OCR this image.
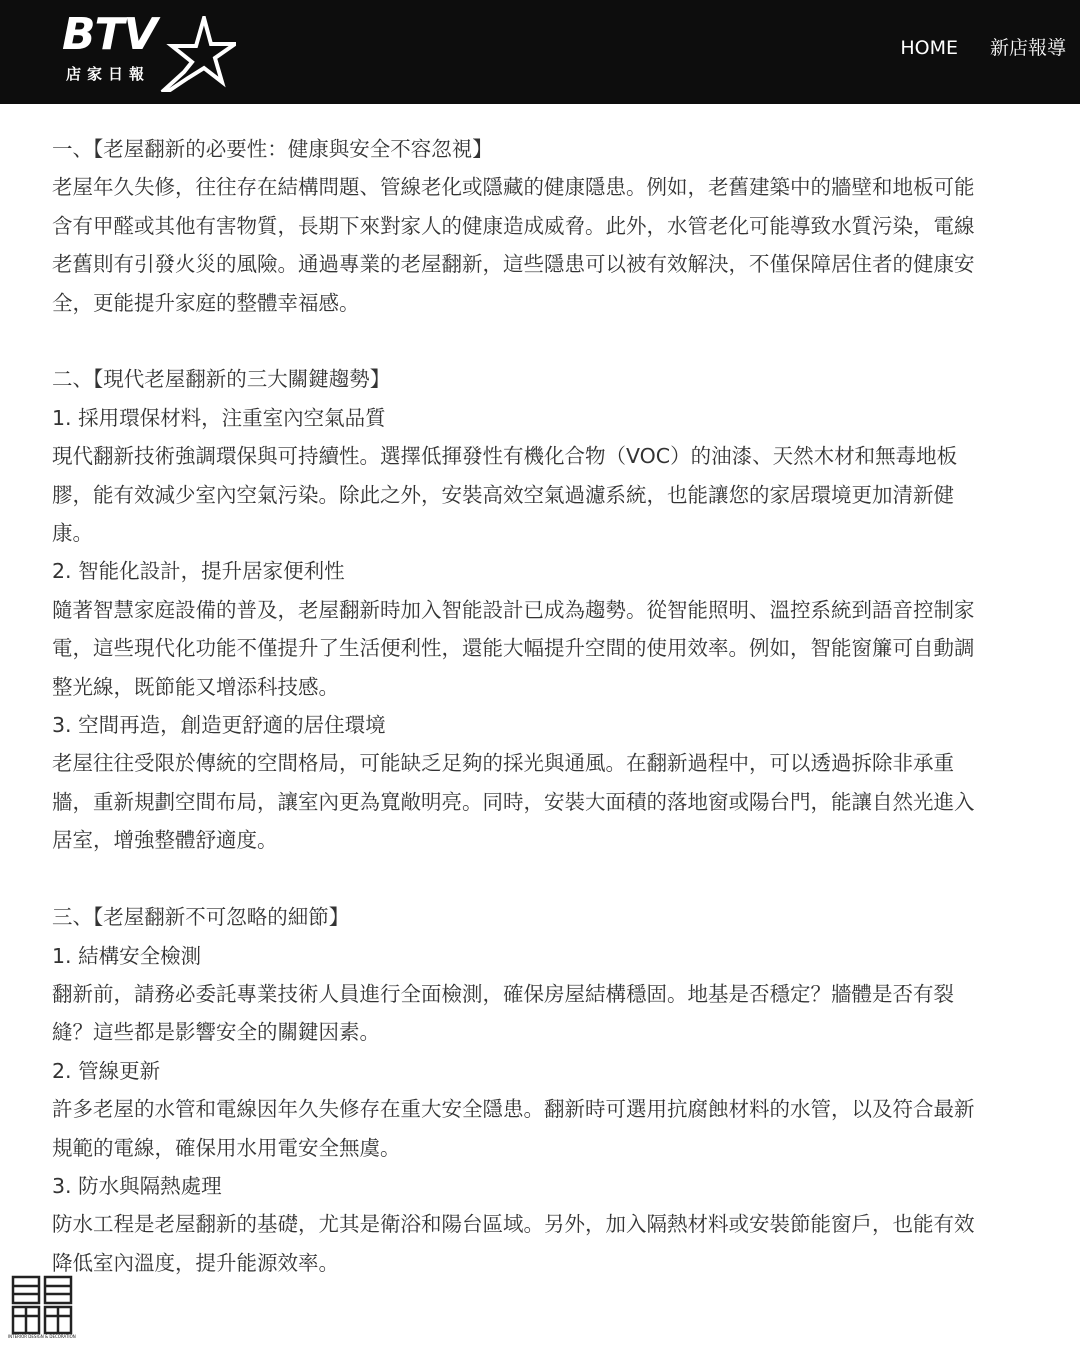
BTV
店家日報
HOME 新店報導

一、【老屋翻新的必要性：健康與安全不容忽視】

老屋年久失修，往往存在結構問題、管線老化或隱藏的健康隱患。例如，老舊建築中的牆壁和地板可能

含有甲醛或其他有害物質，長期下來對家人的健康造成威脅。此外，水管老化可能導致水質污染，電線

老舊則有引發火災的風險。通過專業的老屋翻新，這些隱患可以被有效解決，不僅保障居住者的健康安

全，更能提升家庭的整體幸福感。

二、【現代老屋翻新的三大關鍵趨勢】

1. 採用環保材料，注重室內空氣品質

現代翻新技術強調環保與可持續性。選擇低揮發性有機化合物（VOC）的油漆、天然木材和無毒地板

膠，能有效減少室內空氣污染。除此之外，安裝高效空氣過濾系統，也能讓您的家居環境更加清新健

康。

2. 智能化設計，提升居家便利性

隨著智慧家庭設備的普及，老屋翻新時加入智能設計已成為趨勢。從智能照明、溫控系統到語音控制家

電，這些現代化功能不僅提升了生活便利性，還能大幅提升空間的使用效率。例如，智能窗簾可自動調

整光線，既節能又增添科技感。

3. 空間再造，創造更舒適的居住環境

老屋往往受限於傳統的空間格局，可能缺乏足夠的採光與通風。在翻新過程中，可以透過拆除非承重

牆，重新規劃空間布局，讓室內更為寬敞明亮。同時，安裝大面積的落地窗或陽台門，能讓自然光進入

居室，增強整體舒適度。

三、【老屋翻新不可忽略的細節】

1. 結構安全檢測

翻新前，請務必委託專業技術人員進行全面檢測，確保房屋結構穩固。地基是否穩定？牆體是否有裂

縫？這些都是影響安全的關鍵因素。

2. 管線更新

許多老屋的水管和電線因年久失修存在重大安全隱患。翻新時可選用抗腐蝕材料的水管，以及符合最新

規範的電線，確保用水用電安全無虞。

3. 防水與隔熱處理

防水工程是老屋翻新的基礎，尤其是衛浴和陽台區域。另外，加入隔熱材料或安裝節能窗戶，也能有效

降低室內溫度，提升能源效率。

INTERIOR DESIGN & DECORATION
